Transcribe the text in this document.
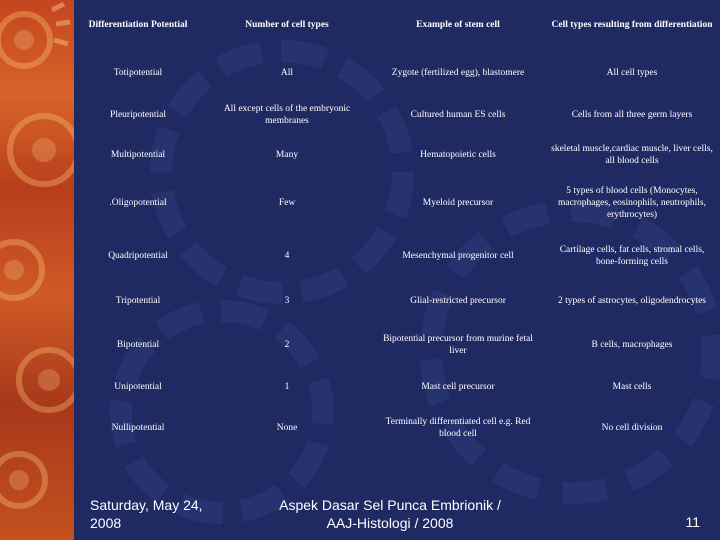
Differentiation Potential	Number of cell types	Example of stem cell	Cell types resulting from differentiation
Totipotential	All	Zygote (fertilized egg), blastomere	All cell types
Pleuripotential	All except cells of the embryonic membranes	Cultured human ES cells	Cells from all three germ layers
Multipotential	Many	Hematopoietic cells	skeletal muscle,cardiac muscle, liver cells, all blood cells
.Oligopotential	Few	Myeloid precursor	5 types of blood cells (Monocytes, macrophages, eosinophils, neutrophils, erythrocytes)
Quadripotential	4	Mesenchymal progenitor cell	Cartilage cells, fat cells, stromal cells, bone-forming cells
Tripotential	3	Glial-restricted precursor	2 types of astrocytes, oligodendrocytes
Bipotential	2	Bipotential precursor from murine fetal liver	B cells, macrophages
Unipotential	1	Mast cell precursor	Mast cells
Nullipotential	None	Terminally differentiated cell e.g. Red blood cell	No cell division
Saturday, May 24, 2008
Aspek Dasar Sel Punca Embrionik / AAJ-Histologi / 2008	11
